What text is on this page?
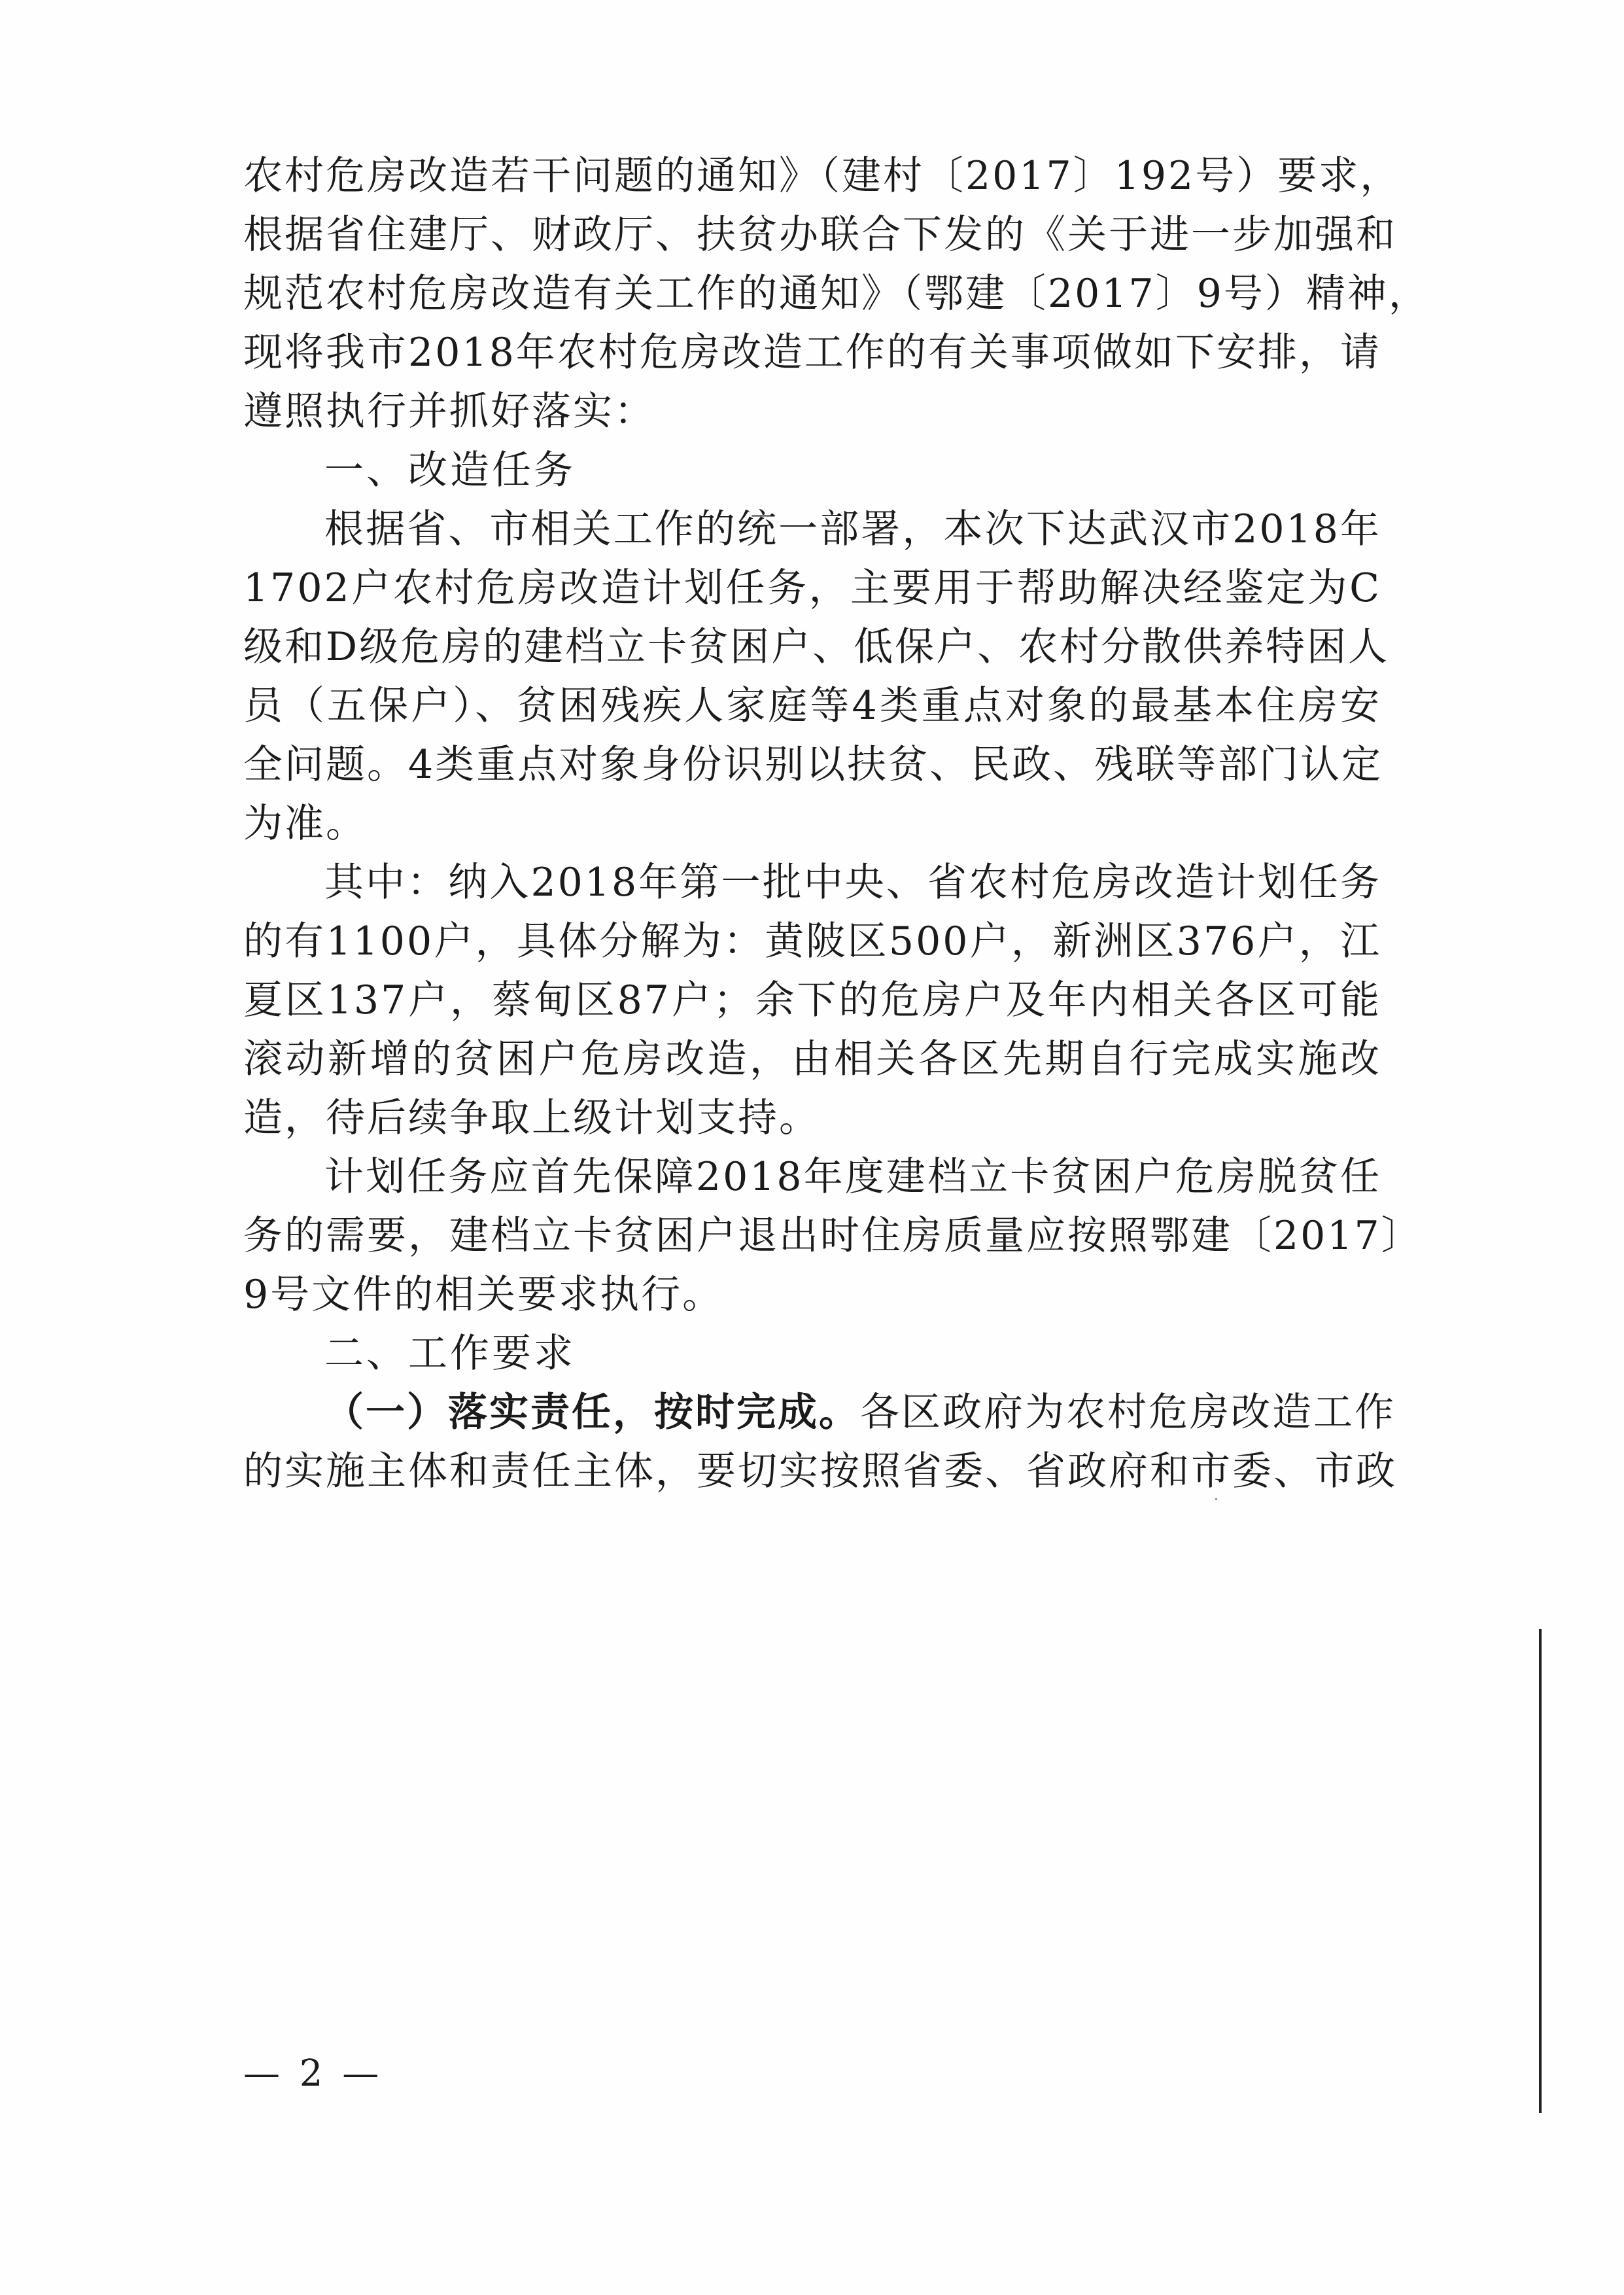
农村危房改造若干问题的通知》（建村〔2017〕192号）要求，
根据省住建厅、财政厅、扶贫办联合下发的《关于进一步加强和
规范农村危房改造有关工作的通知》（鄂建〔2017〕9号）精神，
现将我市2018年农村危房改造工作的有关事项做如下安排，请
遵照执行并抓好落实：
一、改造任务
根据省、市相关工作的统一部署，本次下达武汉市2018年
1702户农村危房改造计划任务，主要用于帮助解决经鉴定为C
级和D级危房的建档立卡贫困户、低保户、农村分散供养特困人
员（五保户）、贫困残疾人家庭等4类重点对象的最基本住房安
全问题。4类重点对象身份识别以扶贫、民政、残联等部门认定
为准。
其中：纳入2018年第一批中央、省农村危房改造计划任务
的有1100户，具体分解为：黄陂区500户，新洲区376户，江
夏区137户，蔡甸区87户；余下的危房户及年内相关各区可能
滚动新增的贫困户危房改造，由相关各区先期自行完成实施改
造，待后续争取上级计划支持。
计划任务应首先保障2018年度建档立卡贫困户危房脱贫任
务的需要，建档立卡贫困户退出时住房质量应按照鄂建〔2017〕
9号文件的相关要求执行。
二、工作要求
（一）落实责任，按时完成。各区政府为农村危房改造工作
的实施主体和责任主体，要切实按照省委、省政府和市委、市政
— 2 —
